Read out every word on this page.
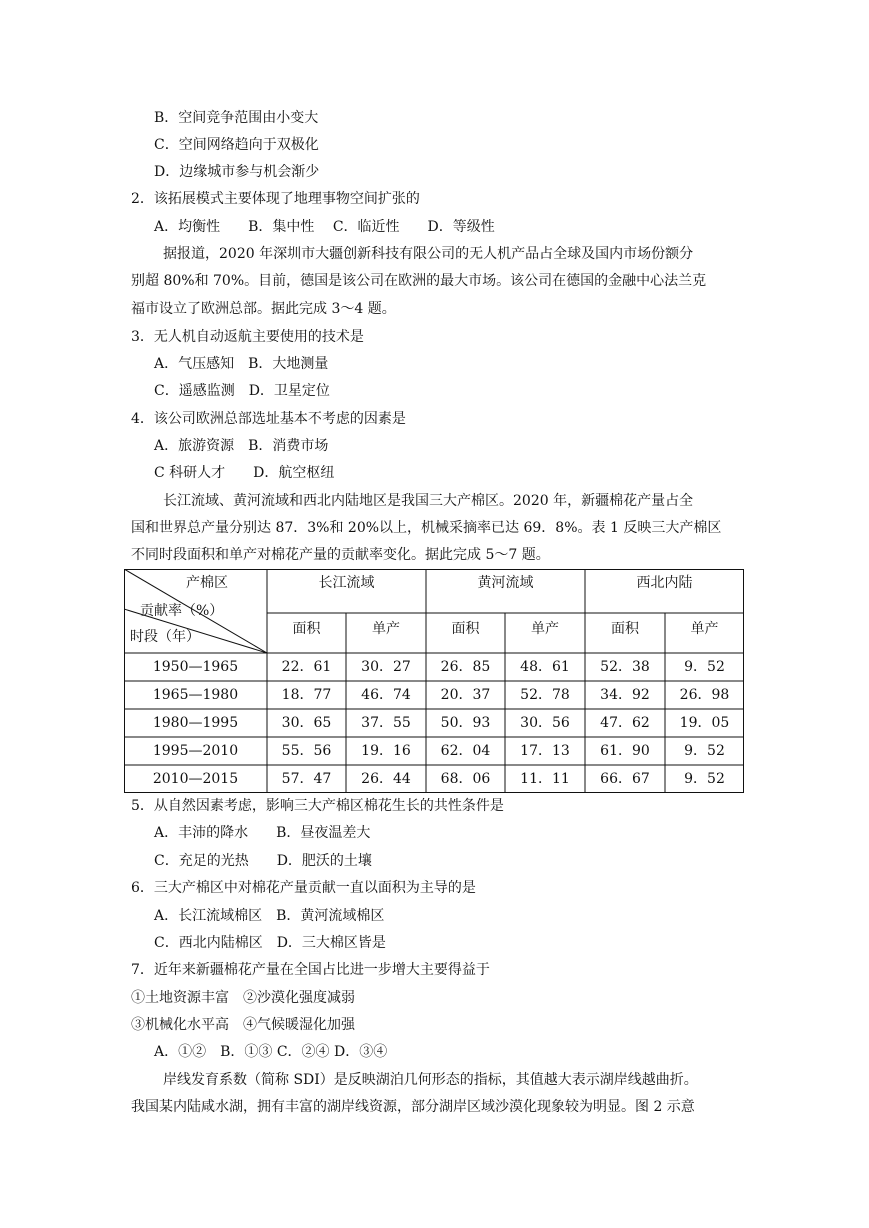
B．空间竞争范围由小变大
C．空间网络趋向于双极化
D．边缘城市参与机会渐少
2．该拓展模式主要体现了地理事物空间扩张的
A．均衡性　　B．集中性　 C．临近性　　D．等级性
据报道，2020 年深圳市大疆创新科技有限公司的无人机产品占全球及国内市场份额分
别超 80%和 70%。目前，德国是该公司在欧洲的最大市场。该公司在德国的金融中心法兰克
福市设立了欧洲总部。据此完成 3～4 题。
3．无人机自动返航主要使用的技术是
A．气压感知　B．大地测量
C．遥感监测　D．卫星定位
4．该公司欧洲总部选址基本不考虑的因素是
A．旅游资源　B．消费市场
C 科研人才　　D．航空枢纽
长江流域、黄河流域和西北内陆地区是我国三大产棉区。2020 年，新疆棉花产量占全
国和世界总产量分别达 87．3%和 20%以上，机械采摘率已达 69．8%。表 1 反映三大产棉区
不同时段面积和单产对棉花产量的贡献率变化。据此完成 5～7 题。
产棉区
贡献率（%）
时段（年）
长江流域	黄河流域	西北内陆
面积	单产	面积	单产	面积	单产
1950—1965	22．61	30．27	26．85	48．61	52．38	9．52
1965—1980	18．77	46．74	20．37	52．78	34．92	26．98
1980—1995	30．65	37．55	50．93	30．56	47．62	19．05
1995—2010	55．56	19．16	62．04	17．13	61．90	9．52
2010—2015	57．47	26．44	68．06	11．11	66．67	9．52
5．从自然因素考虑，影响三大产棉区棉花生长的共性条件是
A．丰沛的降水　　B．昼夜温差大
C．充足的光热　　D．肥沃的土壤
6．三大产棉区中对棉花产量贡献一直以面积为主导的是
A．长江流域棉区　B．黄河流域棉区
C．西北内陆棉区　D．三大棉区皆是
7．近年来新疆棉花产量在全国占比进一步增大主要得益于
①土地资源丰富　②沙漠化强度减弱
③机械化水平高　④气候暖湿化加强
A．①②　B．①③ C．②④ D．③④
岸线发育系数（简称 SDI）是反映湖泊几何形态的指标，其值越大表示湖岸线越曲折。
我国某内陆咸水湖，拥有丰富的湖岸线资源，部分湖岸区域沙漠化现象较为明显。图 2 示意
